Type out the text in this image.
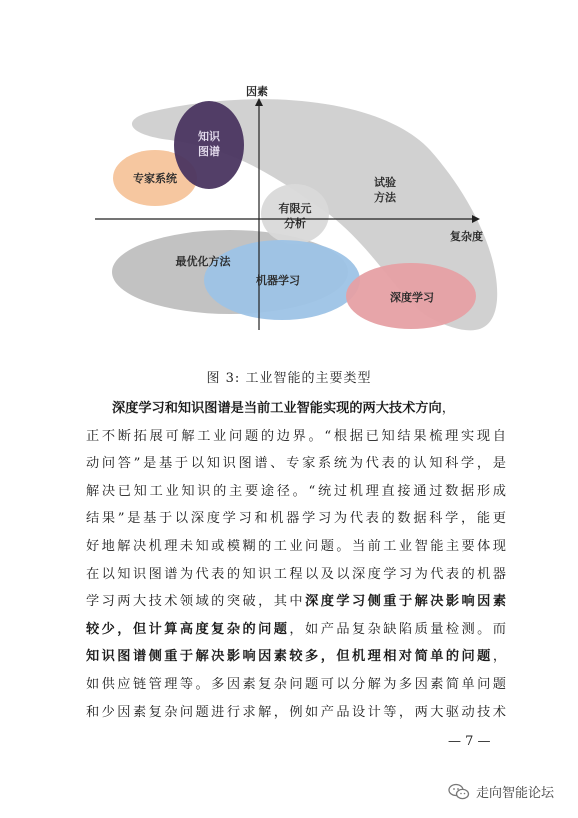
因素
复杂度
知识图谱
专家系统	试验方法
有限元分析
最优化方法
机器学习
深度学习
图 3: 工业智能的主要类型
深度学习和知识图谱是当前工业智能实现的两大技术方向，
正不断拓展可解工业问题的边界。“根据已知结果梳理实现自
动问答”是基于以知识图谱、专家系统为代表的认知科学，是
解决已知工业知识的主要途径。“统过机理直接通过数据形成
结果”是基于以深度学习和机器学习为代表的数据科学，能更
好地解决机理未知或模糊的工业问题。当前工业智能主要体现
在以知识图谱为代表的知识工程以及以深度学习为代表的机器
学习两大技术领域的突破，其中深度学习侧重于解决影响因素
较少，但计算高度复杂的问题，如产品复杂缺陷质量检测。而
知识图谱侧重于解决影响因素较多，但机理相对简单的问题，
如供应链管理等。多因素复杂问题可以分解为多因素简单问题
和少因素复杂问题进行求解，例如产品设计等，两大驱动技术
— 7 —
走向智能论坛
